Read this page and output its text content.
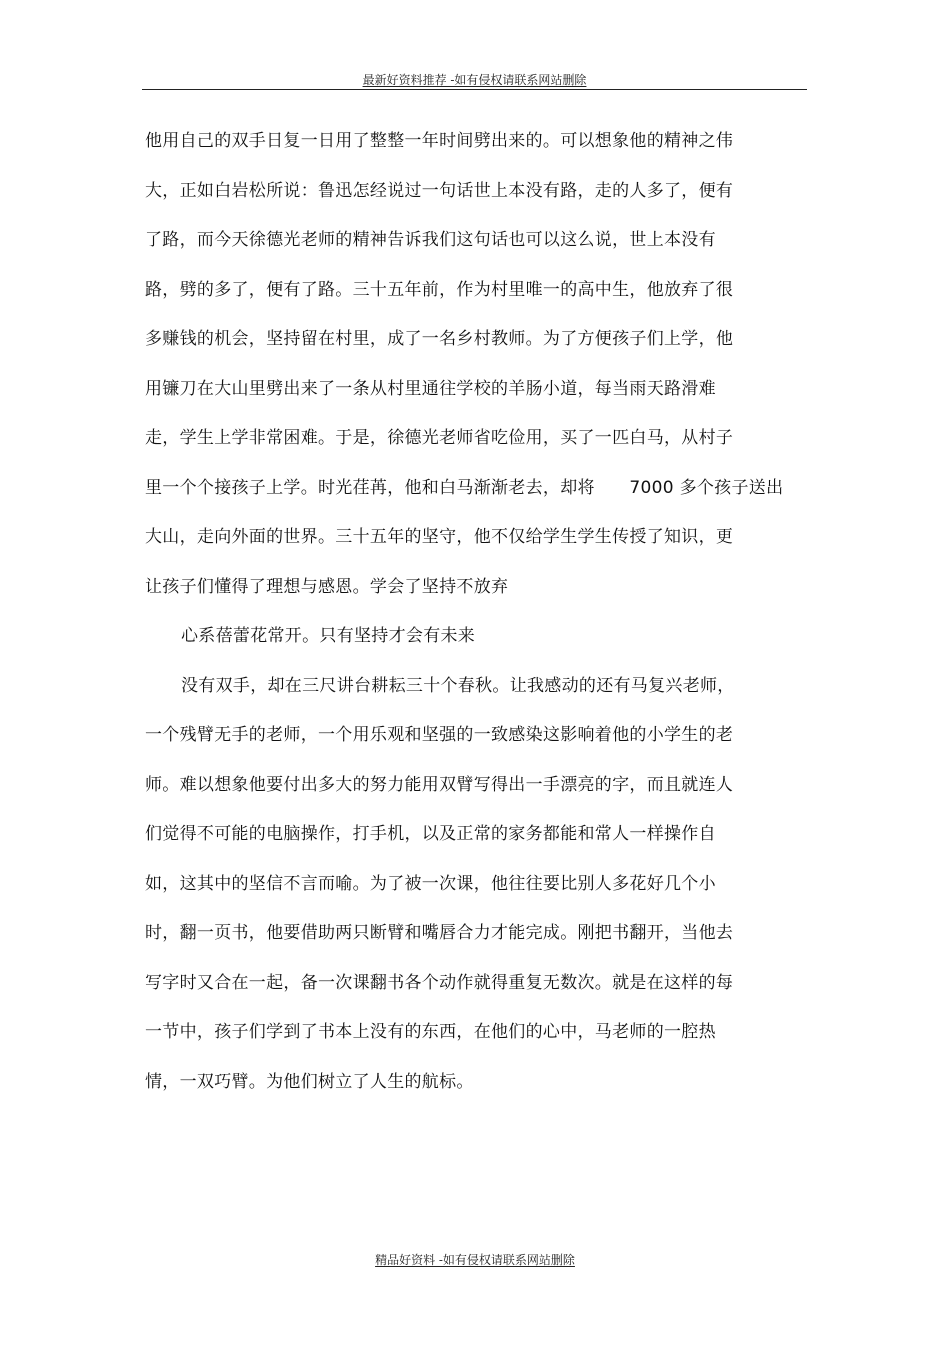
最新好资料推荐 -如有侵权请联系网站删除
他用自己的双手日复一日用了整整一年时间劈出来的。可以想象他的精神之伟
大，正如白岩松所说：鲁迅怎经说过一句话世上本没有路，走的人多了，便有
了路，而今天徐德光老师的精神告诉我们这句话也可以这么说，世上本没有
路，劈的多了，便有了路。三十五年前，作为村里唯一的高中生，他放弃了很
多赚钱的机会，坚持留在村里，成了一名乡村教师。为了方便孩子们上学，他
用镰刀在大山里劈出来了一条从村里通往学校的羊肠小道，每当雨天路滑难
走，学生上学非常困难。于是，徐德光老师省吃俭用，买了一匹白马，从村子
里一个个接孩子上学。时光荏苒，他和白马渐渐老去，却将　　7000 多个孩子送出
大山，走向外面的世界。三十五年的坚守，他不仅给学生学生传授了知识，更
让孩子们懂得了理想与感恩。学会了坚持不放弃
心系蓓蕾花常开。只有坚持才会有未来
没有双手，却在三尺讲台耕耘三十个春秋。让我感动的还有马复兴老师，
一个残臂无手的老师，一个用乐观和坚强的一致感染这影响着他的小学生的老
师。难以想象他要付出多大的努力能用双臂写得出一手漂亮的字，而且就连人
们觉得不可能的电脑操作，打手机，以及正常的家务都能和常人一样操作自
如，这其中的坚信不言而喻。为了被一次课，他往往要比别人多花好几个小
时，翻一页书，他要借助两只断臂和嘴唇合力才能完成。刚把书翻开，当他去
写字时又合在一起，备一次课翻书各个动作就得重复无数次。就是在这样的每
一节中，孩子们学到了书本上没有的东西，在他们的心中，马老师的一腔热
情，一双巧臂。为他们树立了人生的航标。
精品好资料 -如有侵权请联系网站删除
